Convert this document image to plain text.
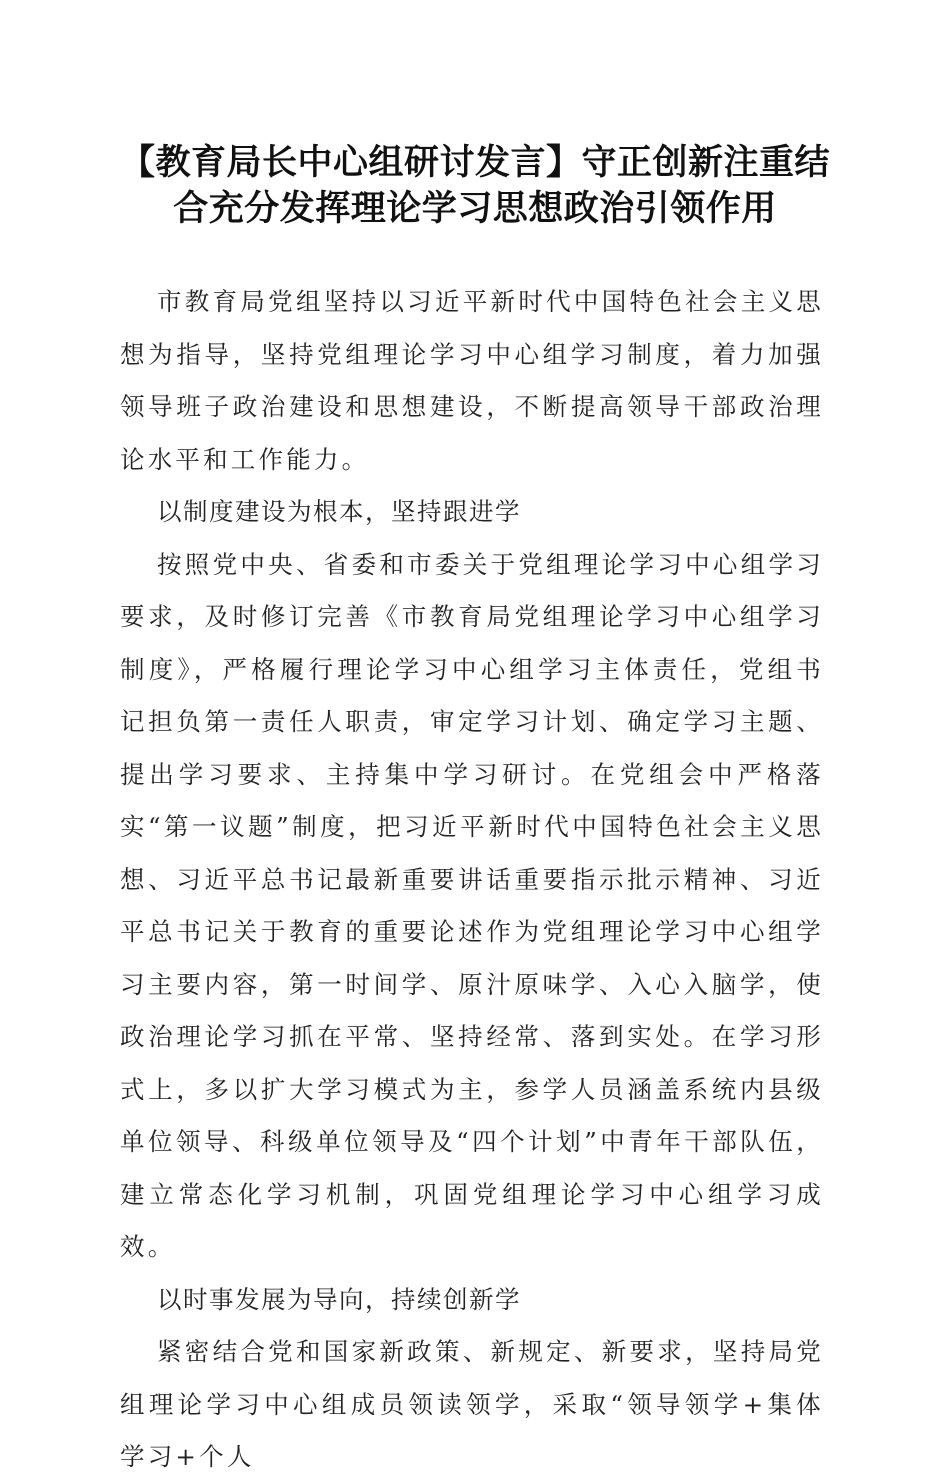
【教育局长中心组研讨发言】守正创新注重结合充分发挥理论学习思想政治引领作用

市教育局党组坚持以习近平新时代中国特色社会主义思想为指导，坚持党组理论学习中心组学习制度，着力加强领导班子政治建设和思想建设，不断提高领导干部政治理论水平和工作能力。

以制度建设为根本，坚持跟进学

按照党中央、省委和市委关于党组理论学习中心组学习要求，及时修订完善《市教育局党组理论学习中心组学习制度》，严格履行理论学习中心组学习主体责任，党组书记担负第一责任人职责，审定学习计划、确定学习主题、提出学习要求、主持集中学习研讨。在党组会中严格落实“第一议题”制度，把习近平新时代中国特色社会主义思想、习近平总书记最新重要讲话重要指示批示精神、习近平总书记关于教育的重要论述作为党组理论学习中心组学习主要内容，第一时间学、原汁原味学、入心入脑学，使政治理论学习抓在平常、坚持经常、落到实处。在学习形式上，多以扩大学习模式为主，参学人员涵盖系统内县级单位领导、科级单位领导及“四个计划”中青年干部队伍，建立常态化学习机制，巩固党组理论学习中心组学习成效。

以时事发展为导向，持续创新学

紧密结合党和国家新政策、新规定、新要求，坚持局党组理论学习中心组成员领读领学，采取“领导领学+集体学习+个人
